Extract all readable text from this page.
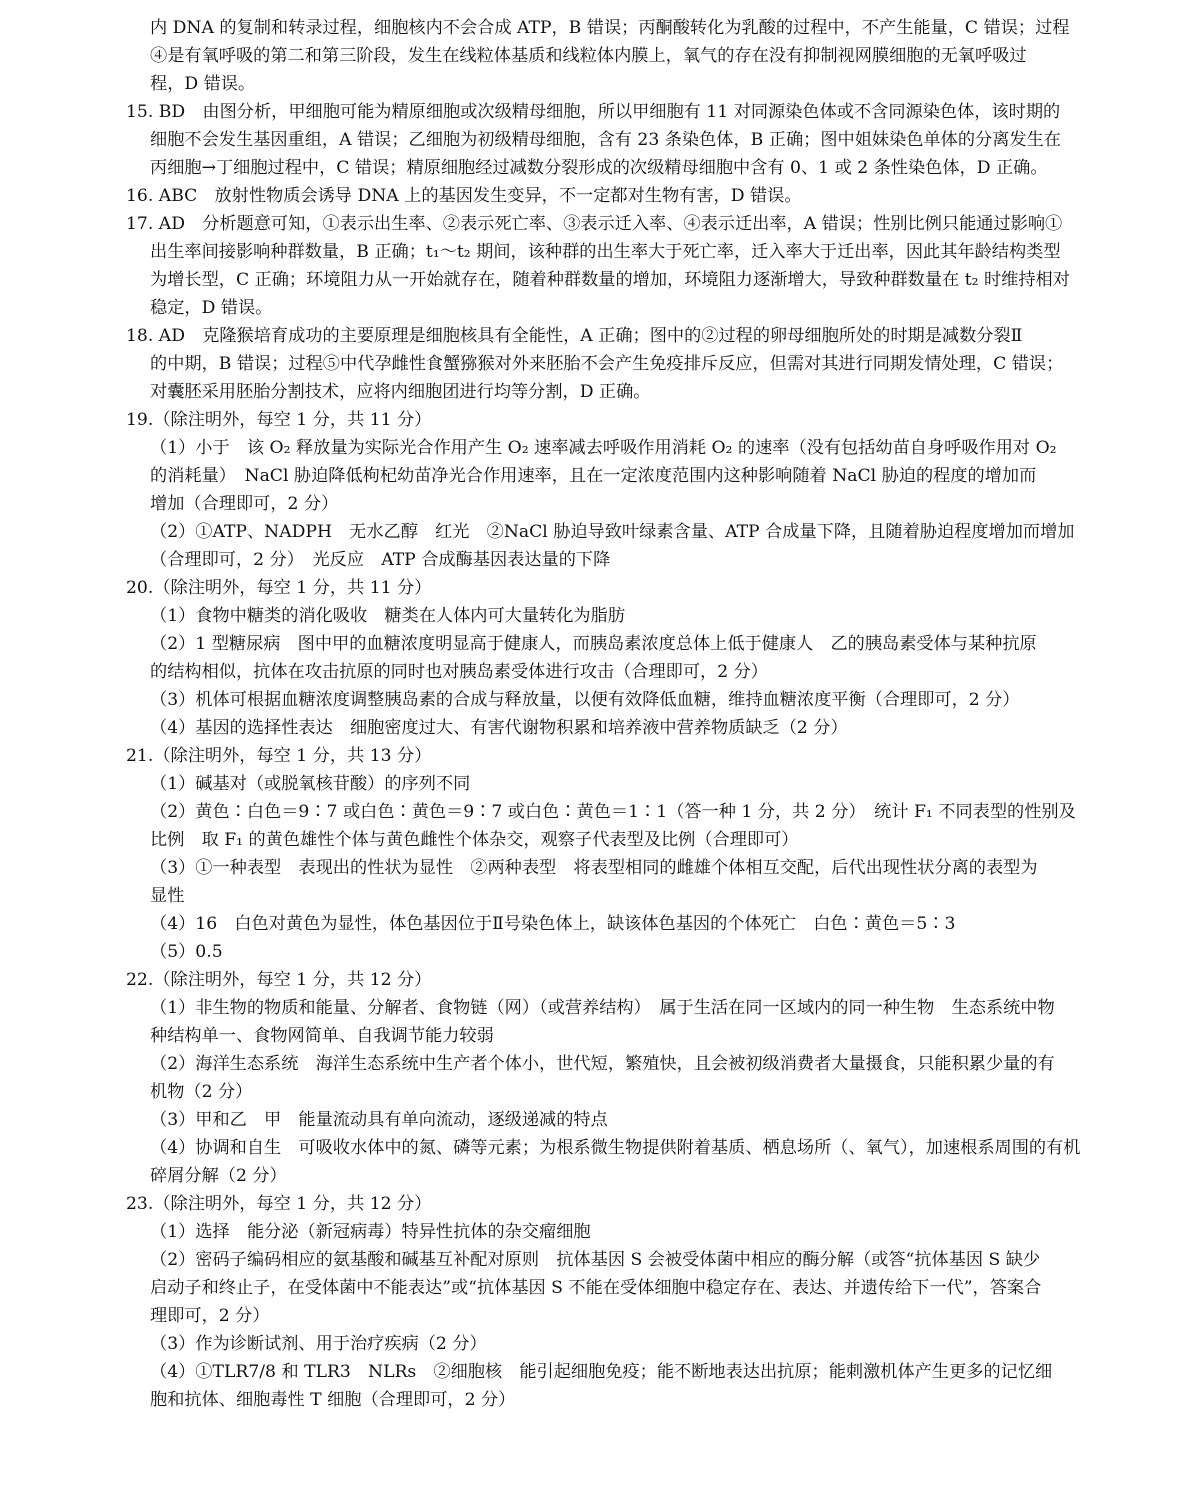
内 DNA 的复制和转录过程，细胞核内不会合成 ATP，B 错误；丙酮酸转化为乳酸的过程中，不产生能量，C 错误；过程
④是有氧呼吸的第二和第三阶段，发生在线粒体基质和线粒体内膜上，氧气的存在没有抑制视网膜细胞的无氧呼吸过
程，D 错误。
15. BD　由图分析，甲细胞可能为精原细胞或次级精母细胞，所以甲细胞有 11 对同源染色体或不含同源染色体，该时期的
细胞不会发生基因重组，A 错误；乙细胞为初级精母细胞，含有 23 条染色体，B 正确；图中姐妹染色单体的分离发生在
丙细胞→丁细胞过程中，C 错误；精原细胞经过减数分裂形成的次级精母细胞中含有 0、1 或 2 条性染色体，D 正确。
16. ABC　放射性物质会诱导 DNA 上的基因发生变异，不一定都对生物有害，D 错误。
17. AD　分析题意可知，①表示出生率、②表示死亡率、③表示迁入率、④表示迁出率，A 错误；性别比例只能通过影响①
出生率间接影响种群数量，B 正确；t₁～t₂ 期间，该种群的出生率大于死亡率，迁入率大于迁出率，因此其年龄结构类型
为增长型，C 正确；环境阻力从一开始就存在，随着种群数量的增加，环境阻力逐渐增大，导致种群数量在 t₂ 时维持相对
稳定，D 错误。
18. AD　克隆猴培育成功的主要原理是细胞核具有全能性，A 正确；图中的②过程的卵母细胞所处的时期是减数分裂Ⅱ
的中期，B 错误；过程⑤中代孕雌性食蟹猕猴对外来胚胎不会产生免疫排斥反应，但需对其进行同期发情处理，C 错误；
对囊胚采用胚胎分割技术，应将内细胞团进行均等分割，D 正确。
19.（除注明外，每空 1 分，共 11 分）
（1）小于　该 O₂ 释放量为实际光合作用产生 O₂ 速率减去呼吸作用消耗 O₂ 的速率（没有包括幼苗自身呼吸作用对 O₂
的消耗量）　NaCl 胁迫降低枸杞幼苗净光合作用速率，且在一定浓度范围内这种影响随着 NaCl 胁迫的程度的增加而
增加（合理即可，2 分）
（2）①ATP、NADPH　无水乙醇　红光　②NaCl 胁迫导致叶绿素含量、ATP 合成量下降，且随着胁迫程度增加而增加
（合理即可，2 分）　光反应　ATP 合成酶基因表达量的下降
20.（除注明外，每空 1 分，共 11 分）
（1）食物中糖类的消化吸收　糖类在人体内可大量转化为脂肪
（2）1 型糖尿病　图中甲的血糖浓度明显高于健康人，而胰岛素浓度总体上低于健康人　乙的胰岛素受体与某种抗原
的结构相似，抗体在攻击抗原的同时也对胰岛素受体进行攻击（合理即可，2 分）
（3）机体可根据血糖浓度调整胰岛素的合成与释放量，以便有效降低血糖，维持血糖浓度平衡（合理即可，2 分）
（4）基因的选择性表达　细胞密度过大、有害代谢物积累和培养液中营养物质缺乏（2 分）
21.（除注明外，每空 1 分，共 13 分）
（1）碱基对（或脱氧核苷酸）的序列不同
（2）黄色∶白色＝9∶7 或白色∶黄色＝9∶7 或白色∶黄色＝1∶1（答一种 1 分，共 2 分）　统计 F₁ 不同表型的性别及
比例　取 F₁ 的黄色雄性个体与黄色雌性个体杂交，观察子代表型及比例（合理即可）
（3）①一种表型　表现出的性状为显性　②两种表型　将表型相同的雌雄个体相互交配，后代出现性状分离的表型为
显性
（4）16　白色对黄色为显性，体色基因位于Ⅱ号染色体上，缺该体色基因的个体死亡　白色∶黄色＝5∶3
（5）0.5
22.（除注明外，每空 1 分，共 12 分）
（1）非生物的物质和能量、分解者、食物链（网）（或营养结构）　属于生活在同一区域内的同一种生物　生态系统中物
种结构单一、食物网简单、自我调节能力较弱
（2）海洋生态系统　海洋生态系统中生产者个体小，世代短，繁殖快，且会被初级消费者大量摄食，只能积累少量的有
机物（2 分）
（3）甲和乙　甲　能量流动具有单向流动，逐级递减的特点
（4）协调和自生　可吸收水体中的氮、磷等元素；为根系微生物提供附着基质、栖息场所（、氧气），加速根系周围的有机
碎屑分解（2 分）
23.（除注明外，每空 1 分，共 12 分）
（1）选择　能分泌（新冠病毒）特异性抗体的杂交瘤细胞
（2）密码子编码相应的氨基酸和碱基互补配对原则　抗体基因 S 会被受体菌中相应的酶分解（或答“抗体基因 S 缺少
启动子和终止子，在受体菌中不能表达”或“抗体基因 S 不能在受体细胞中稳定存在、表达、并遗传给下一代”，答案合
理即可，2 分）
（3）作为诊断试剂、用于治疗疾病（2 分）
（4）①TLR7/8 和 TLR3　NLRs　②细胞核　能引起细胞免疫；能不断地表达出抗原；能刺激机体产生更多的记忆细
胞和抗体、细胞毒性 T 细胞（合理即可，2 分）
